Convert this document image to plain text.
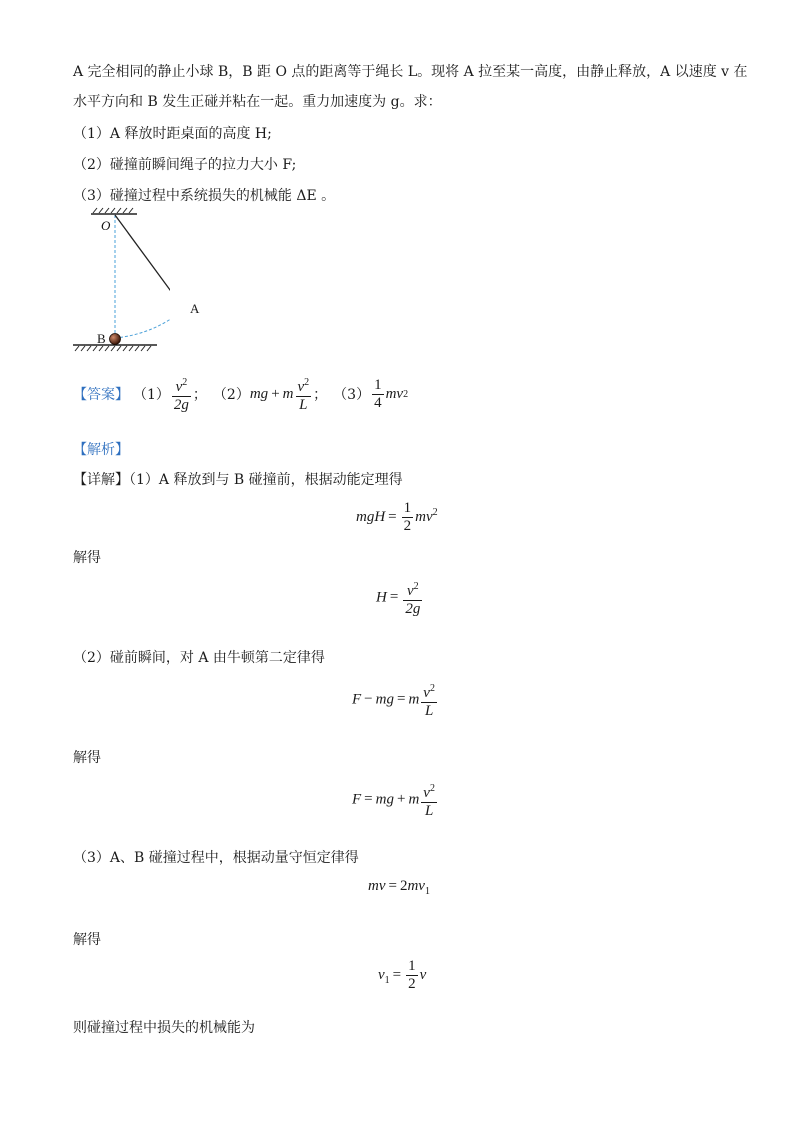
A 完全相同的静止小球 B，B 距 O 点的距离等于绳长 L。现将 A 拉至某一高度，由静止释放，A 以速度 v 在
水平方向和 B 发生正碰并粘在一起。重力加速度为 g。求：
（1）A 释放时距桌面的高度 H;
（2）碰撞前瞬间绳子的拉力大小 F;
（3）碰撞过程中系统损失的机械能 ΔE 。
O
A
B
【答案】 $(1) \frac{v^2}{2g}$ ； （2） mg + m $\frac{v^2}{L}$ ； $(3) \frac{1}{4}$ mv 2
【解析】
【详解】（1）A 释放到与 B 碰撞前，根据动能定理得
mgH = $\frac{1}{2} mv^2$
解得
$H = \frac{v^2}{2g}$
（2）碰前瞬间，对 A 由牛顿第二定律得
F − mg = m $\frac{v^2}{L}$
解得
F = mg + m $\frac{v^2}{L}$
（3）A、B 碰撞过程中，根据动量守恒定律得
mv = $2mv_1$
解得
$v_1 = \frac{1}{2}$ v
则碰撞过程中损失的机械能为
